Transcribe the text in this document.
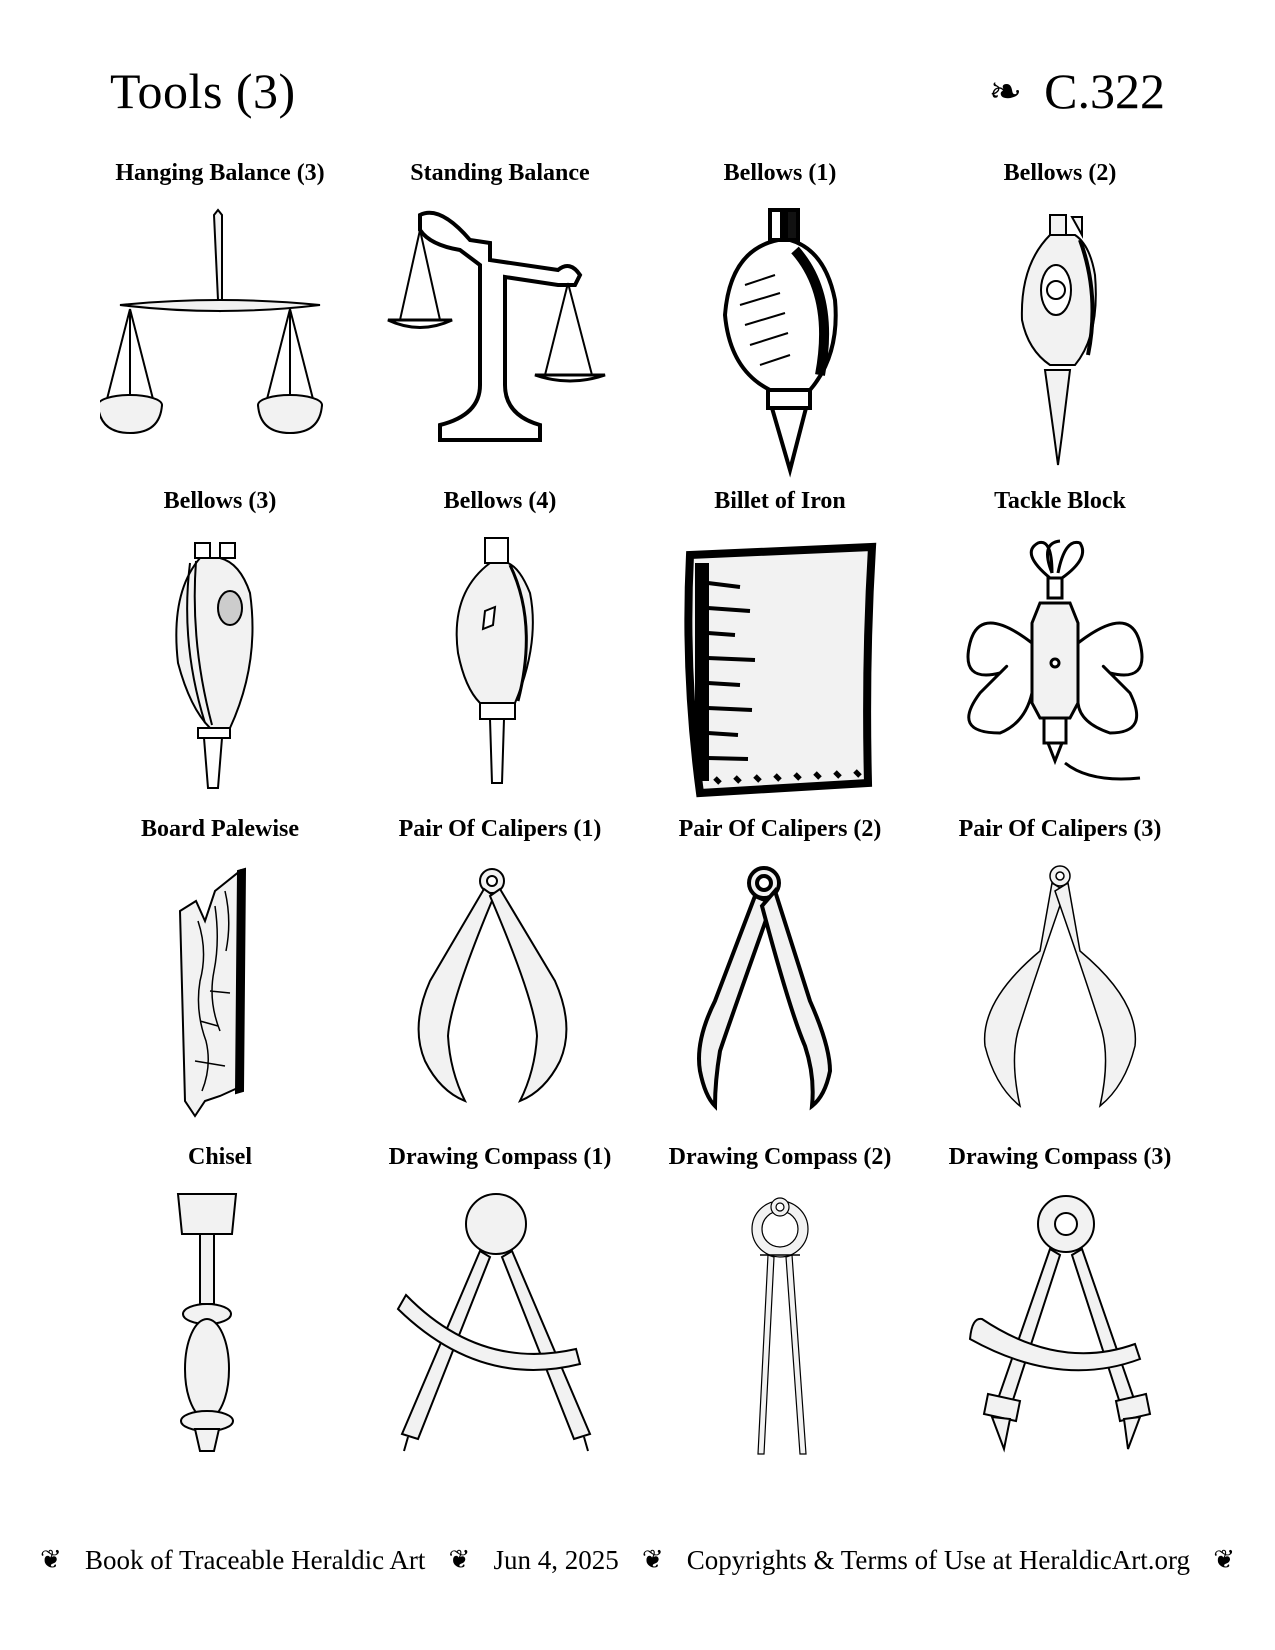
Tools (3)	❧ C.322
Hanging Balance (3)	Standing Balance	Bellows (1)	Bellows (2)
Bellows (3)	Bellows (4)	Billet of Iron	Tackle Block
Board Palewise	Pair Of Calipers (1)	Pair Of Calipers (2)	Pair Of Calipers (3)
Chisel	Drawing Compass (1)	Drawing Compass (2)	Drawing Compass (3)
❦ Book of Traceable Heraldic Art ❦ Jun 4, 2025 ❦ Copyrights & Terms of Use at HeraldicArt.org ❦
